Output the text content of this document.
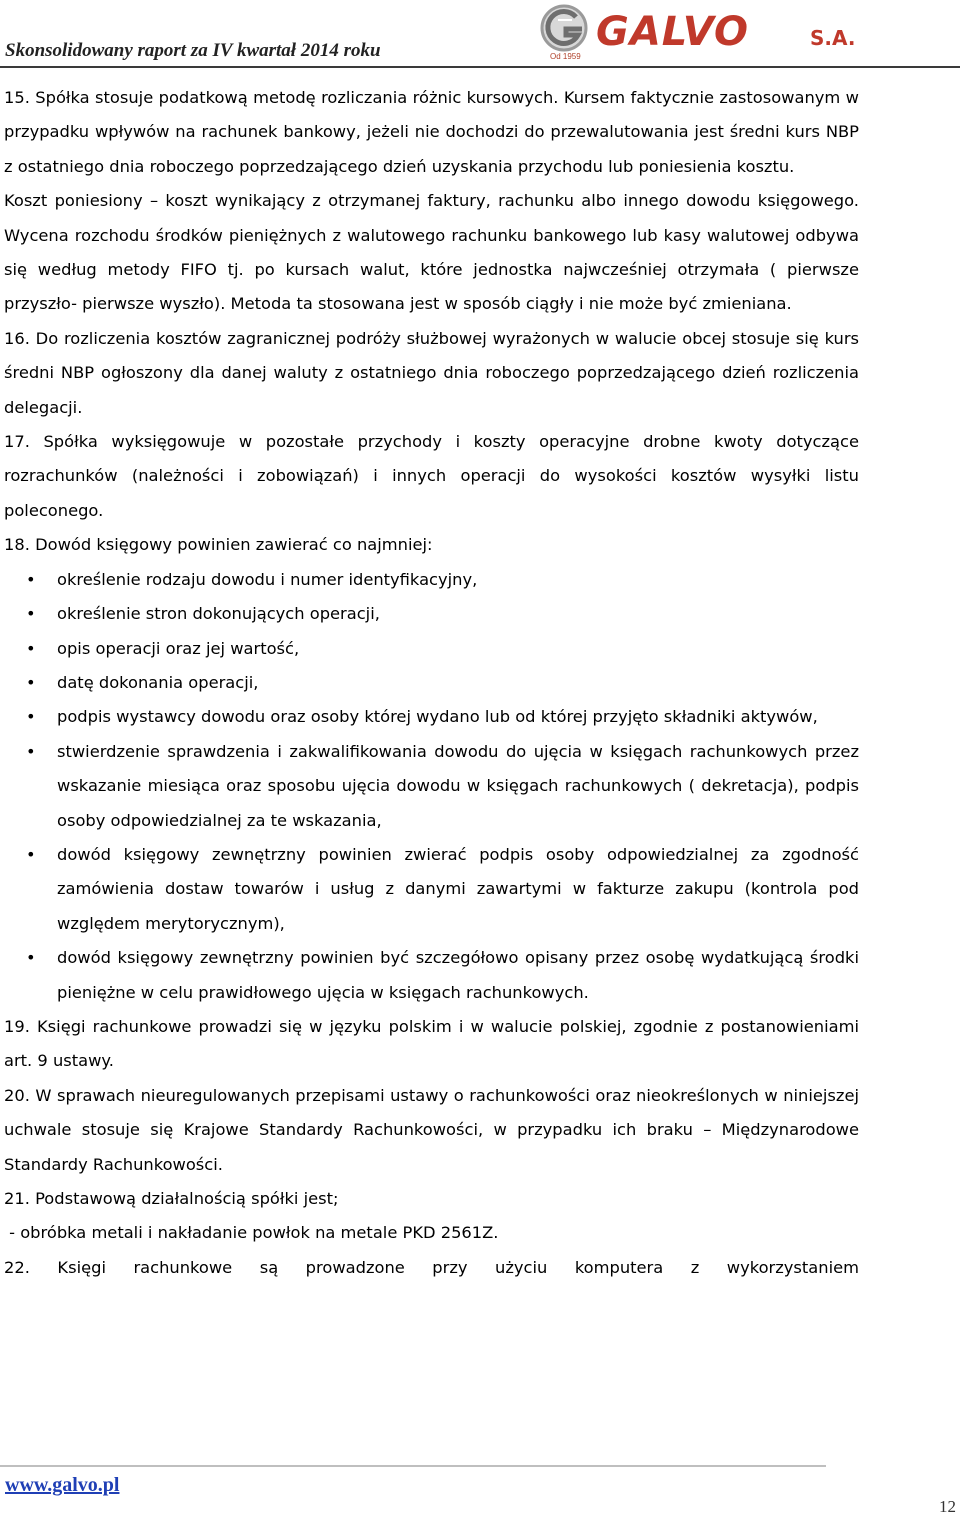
Skonsolidowany raport za IV kwartał 2014 roku	GALVO	S.A.
Od 1959

15. Spółka stosuje podatkową metodę rozliczania różnic kursowych. Kursem faktycznie zastosowanym w przypadku wpływów na rachunek bankowy, jeżeli nie dochodzi do przewalutowania jest średni kurs NBP z ostatniego dnia roboczego poprzedzającego dzień uzyskania przychodu lub poniesienia kosztu.

Koszt poniesiony – koszt wynikający z otrzymanej faktury, rachunku albo innego dowodu księgowego. Wycena rozchodu środków pieniężnych z walutowego rachunku bankowego lub kasy walutowej odbywa się według metody FIFO tj. po kursach walut, które jednostka najwcześniej otrzymała ( pierwsze przyszło- pierwsze wyszło). Metoda ta stosowana jest w sposób ciągły i nie może być zmieniana.

16. Do rozliczenia kosztów zagranicznej podróży służbowej wyrażonych w walucie obcej stosuje się kurs średni NBP ogłoszony dla danej waluty z ostatniego dnia roboczego poprzedzającego dzień rozliczenia delegacji.

17. Spółka wyksięgowuje w pozostałe przychody i koszty operacyjne drobne kwoty dotyczące rozrachunków (należności i zobowiązań) i innych operacji do wysokości kosztów wysyłki listu poleconego.

18. Dowód księgowy powinien zawierać co najmniej:

• określenie rodzaju dowodu i numer identyfikacyjny,
• określenie stron dokonujących operacji,
• opis operacji oraz jej wartość,
• datę dokonania operacji,
• podpis wystawcy dowodu oraz osoby której wydano lub od której przyjęto składniki aktywów,
• stwierdzenie sprawdzenia i zakwalifikowania dowodu do ujęcia w księgach rachunkowych przez wskazanie miesiąca oraz sposobu ujęcia dowodu w księgach rachunkowych ( dekretacja), podpis osoby odpowiedzialnej za te wskazania,
• dowód księgowy zewnętrzny powinien zwierać podpis osoby odpowiedzialnej za zgodność zamówienia dostaw towarów i usług z danymi zawartymi w fakturze zakupu (kontrola pod względem merytorycznym),
• dowód księgowy zewnętrzny powinien być szczegółowo opisany przez osobę wydatkującą środki pieniężne w celu prawidłowego ujęcia w księgach rachunkowych.

19. Księgi rachunkowe prowadzi się w języku polskim i w walucie polskiej, zgodnie z postanowieniami art. 9 ustawy.

20. W sprawach nieuregulowanych przepisami ustawy o rachunkowości oraz nieokreślonych w niniejszej uchwale stosuje się Krajowe Standardy Rachunkowości, w przypadku ich braku – Międzynarodowe Standardy Rachunkowości.

21. Podstawową działalnością spółki jest;

- obróbka metali i nakładanie powłok na metale PKD 2561Z.

22. Księgi rachunkowe są prowadzone przy użyciu komputera z wykorzystaniem

www.galvo.pl
12
